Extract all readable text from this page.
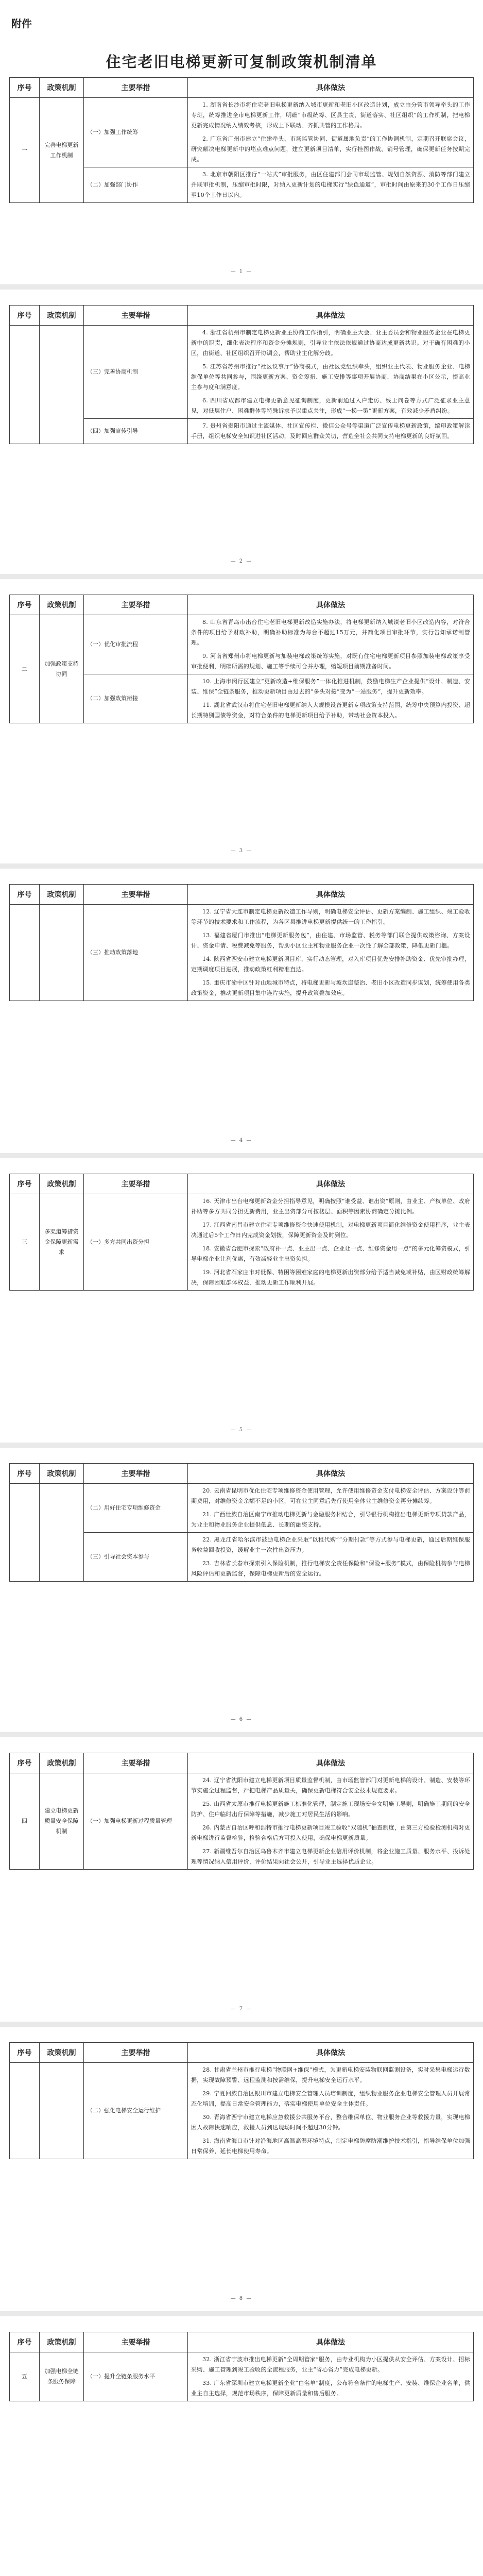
附件
住宅老旧电梯更新可复制政策机制清单
序号	政策机制	主要举措	具体做法
一	完善电梯更新工作机制	（一）加强工作统筹	1. 湖南省长沙市将住宅老旧电梯更新纳入城市更新和老旧小区改造计划，成立由分管市领导牵头的工作专班，统筹推进全市电梯更新工作，明确“市级统筹、区县主责、街道落实、社区组织”的工作机制，把电梯更新完成情况纳入绩效考核，形成上下联动、齐抓共管的工作格局。

2. 广东省广州市建立“住建牵头、市场监管协同、街道属地负责”的工作协调机制，定期召开联席会议，研究解决电梯更新中的堵点难点问题，建立更新项目清单，实行挂图作战、销号管理，确保更新任务按期完成。

		（二）加强部门协作	3. 北京市朝阳区推行“一站式”审批服务，由区住建部门会同市场监管、规划自然资源、消防等部门建立并联审批机制，压缩审批时限，对纳入更新计划的电梯实行“绿色通道”，审批时间由原来的30个工作日压缩至10个工作日以内。

— 1 —
序号	政策机制	主要举措	具体做法
		（三）完善协商机制	4. 浙江省杭州市制定电梯更新业主协商工作指引，明确业主大会、业主委员会和物业服务企业在电梯更新中的职责，细化表决程序和资金分摊规则，引导业主依法依规通过协商达成更新共识。对于确有困难的小区，由街道、社区组织召开协调会，帮助业主化解分歧。

5. 江苏省苏州市推行“社区议事厅”协商模式，由社区党组织牵头，组织业主代表、物业服务企业、电梯维保单位等共同参与，围绕更新方案、资金筹措、施工安排等事项开展协商，协商结果在小区公示，提高业主参与度和满意度。

6. 四川省成都市建立电梯更新意见征询制度，更新前通过入户走访、线上问卷等方式广泛征求业主意见，对低层住户、困难群体等特殊诉求予以重点关注，形成“一梯一策”更新方案，有效减少矛盾纠纷。

		（四）加强宣传引导	7. 贵州省贵阳市通过主流媒体、社区宣传栏、微信公众号等渠道广泛宣传电梯更新政策，编印政策解读手册，组织电梯安全知识进社区活动，及时回应群众关切，营造全社会共同支持电梯更新的良好氛围。

— 2 —
序号	政策机制	主要举措	具体做法
二	加强政策支持协同	（一）优化审批流程	8. 山东省青岛市出台住宅老旧电梯更新改造实施办法，将电梯更新纳入城镇老旧小区改造内容，对符合条件的项目给予财政补助，明确补助标准为每台不超过15万元，并简化项目审批环节，实行告知承诺制管理。

9. 河南省郑州市将电梯更新与加装电梯政策统筹实施，对既有住宅电梯更新项目参照加装电梯政策享受审批便利，明确所需的规划、施工等手续可合并办理，缩短项目前期准备时间。

		（二）加强政策衔接	10. 上海市闵行区建立“更新改造+维保服务”一体化推进机制，鼓励电梯生产企业提供“设计、制造、安装、维保”全链条服务，推动更新项目由过去的“多头对接”变为“一站服务”，提升更新效率。

11. 湖北省武汉市将住宅老旧电梯更新纳入大规模设备更新专项政策支持范围，统筹中央预算内投资、超长期特别国债等资金，对符合条件的电梯更新项目给予补助，带动社会资本投入。

— 3 —
序号	政策机制	主要举措	具体做法
		（三）推动政策落地	12. 辽宁省大连市制定电梯更新改造工作导则，明确电梯安全评估、更新方案编制、施工组织、竣工验收等环节的技术要求和工作流程，为各区县推进电梯更新提供统一的工作指引。

13. 福建省厦门市推出“电梯更新服务包”，由住建、市场监管、税务等部门联合提供政策咨询、方案设计、资金申请、税费减免等服务，帮助小区业主和物业服务企业一次性了解全部政策，降低更新门槛。

14. 陕西省西安市建立电梯更新项目库，实行动态管理，对入库项目优先安排补助资金、优先审批办理，定期调度项目进展，推动政策红利精准直达。

15. 重庆市渝中区针对山地城市特点，将电梯更新与坡坎崖整治、老旧小区改造同步谋划，统筹使用各类政策资金，推动更新项目集中连片实施，提升政策叠加效应。

— 4 —
序号	政策机制	主要举措	具体做法
三	多渠道筹措资金保障更新需求	（一）多方共同出资分担	16. 天津市出台电梯更新资金分担指导意见，明确按照“谁受益、谁出资”原则，由业主、产权单位、政府补助等多方共同分担更新费用，业主出资部分可按楼层、面积等因素协商确定分摊比例。

17. 江西省南昌市建立住宅专项维修资金快速使用机制，对电梯更新项目简化维修资金使用程序，业主表决通过后5个工作日内完成资金划拨，保障更新资金及时到位。

18. 安徽省合肥市探索“政府补一点、业主出一点、企业让一点、维修资金用一点”的多元化筹资模式，引导电梯企业让利优惠，有效减轻业主出资负担。

19. 河北省石家庄市对低保、特困等困难家庭的电梯更新出资部分给予适当减免或补贴，由区财政统筹解决，保障困难群体权益，推动更新工作顺利开展。

— 5 —
序号	政策机制	主要举措	具体做法
		（二）用好住宅专项维修资金	20. 云南省昆明市优化住宅专项维修资金使用管理，允许使用维修资金支付电梯安全评估、方案设计等前期费用，对维修资金余额不足的小区，可在业主同意后先行使用全体业主维修资金再分摊续筹。

21. 广西壮族自治区南宁市推动电梯更新与金融服务相结合，引导银行机构推出电梯更新专项贷款产品，为业主和物业服务企业提供低息、长期的融资支持。

		（三）引导社会资本参与	22. 黑龙江省哈尔滨市鼓励电梯企业采取“以租代购”“分期付款”等方式参与电梯更新，通过后期维保服务收益回收投资，缓解业主一次性出资压力。

23. 吉林省长春市探索引入保险机制，推行电梯安全责任保险和“保险+服务”模式，由保险机构参与电梯风险评估和更新监督，保障电梯更新后的安全运行。

— 6 —
序号	政策机制	主要举措	具体做法
四	建立电梯更新质量安全保障机制	（一）加强电梯更新过程质量管理	24. 辽宁省沈阳市建立电梯更新项目质量监督机制，由市场监管部门对更新电梯的设计、制造、安装等环节实施全过程监督，严把电梯产品质量关，确保更新电梯符合安全技术规范要求。

25. 山西省太原市推行电梯更新施工标准化管理，制定施工现场安全文明施工导则，明确施工期间的安全防护、住户临时出行保障等措施，减少施工对居民生活的影响。

26. 内蒙古自治区呼和浩特市推行电梯更新项目竣工验收“双随机”抽查制度，由第三方检验检测机构对更新电梯进行监督检验，检验合格后方可投入使用，确保电梯更新质量。

27. 新疆维吾尔自治区乌鲁木齐市建立电梯更新企业信用评价机制，将企业施工质量、服务水平、投诉处理等情况纳入信用评价，评价结果向社会公开，引导业主选择优质企业。

— 7 —
序号	政策机制	主要举措	具体做法
		（二）强化电梯安全运行维护	28. 甘肃省兰州市推行电梯“物联网+维保”模式，为更新电梯安装物联网监测设备，实时采集电梯运行数据，实现故障预警、远程监测和按需维保，提升电梯安全运行水平。

29. 宁夏回族自治区银川市建立电梯安全管理人员培训制度，组织物业服务企业电梯安全管理人员开展常态化培训，提高日常安全管理能力，落实电梯使用单位安全主体责任。

30. 青海省西宁市建立电梯应急救援公共服务平台，整合维保单位、物业服务企业等救援力量，实现电梯困人故障快速响应，救援人员到达现场时间不超过30分钟。

31. 海南省海口市针对沿海地区高温高湿环境特点，制定电梯防腐防潮维护技术指引，指导维保单位加强日常保养，延长电梯使用寿命。

— 8 —
序号	政策机制	主要举措	具体做法
五	加强电梯全链条服务保障	（一）提升全链条服务水平	32. 浙江省宁波市推出电梯更新“全周期管家”服务，由专业机构为小区提供从安全评估、方案设计、招标采购、施工管理到竣工验收的全流程服务，业主“省心省力”完成电梯更新。

33. 广东省深圳市建立电梯更新企业“白名单”制度，公布符合条件的电梯生产、安装、维保企业名单，供业主自主选择，规范市场秩序，保障更新质量和售后服务。
